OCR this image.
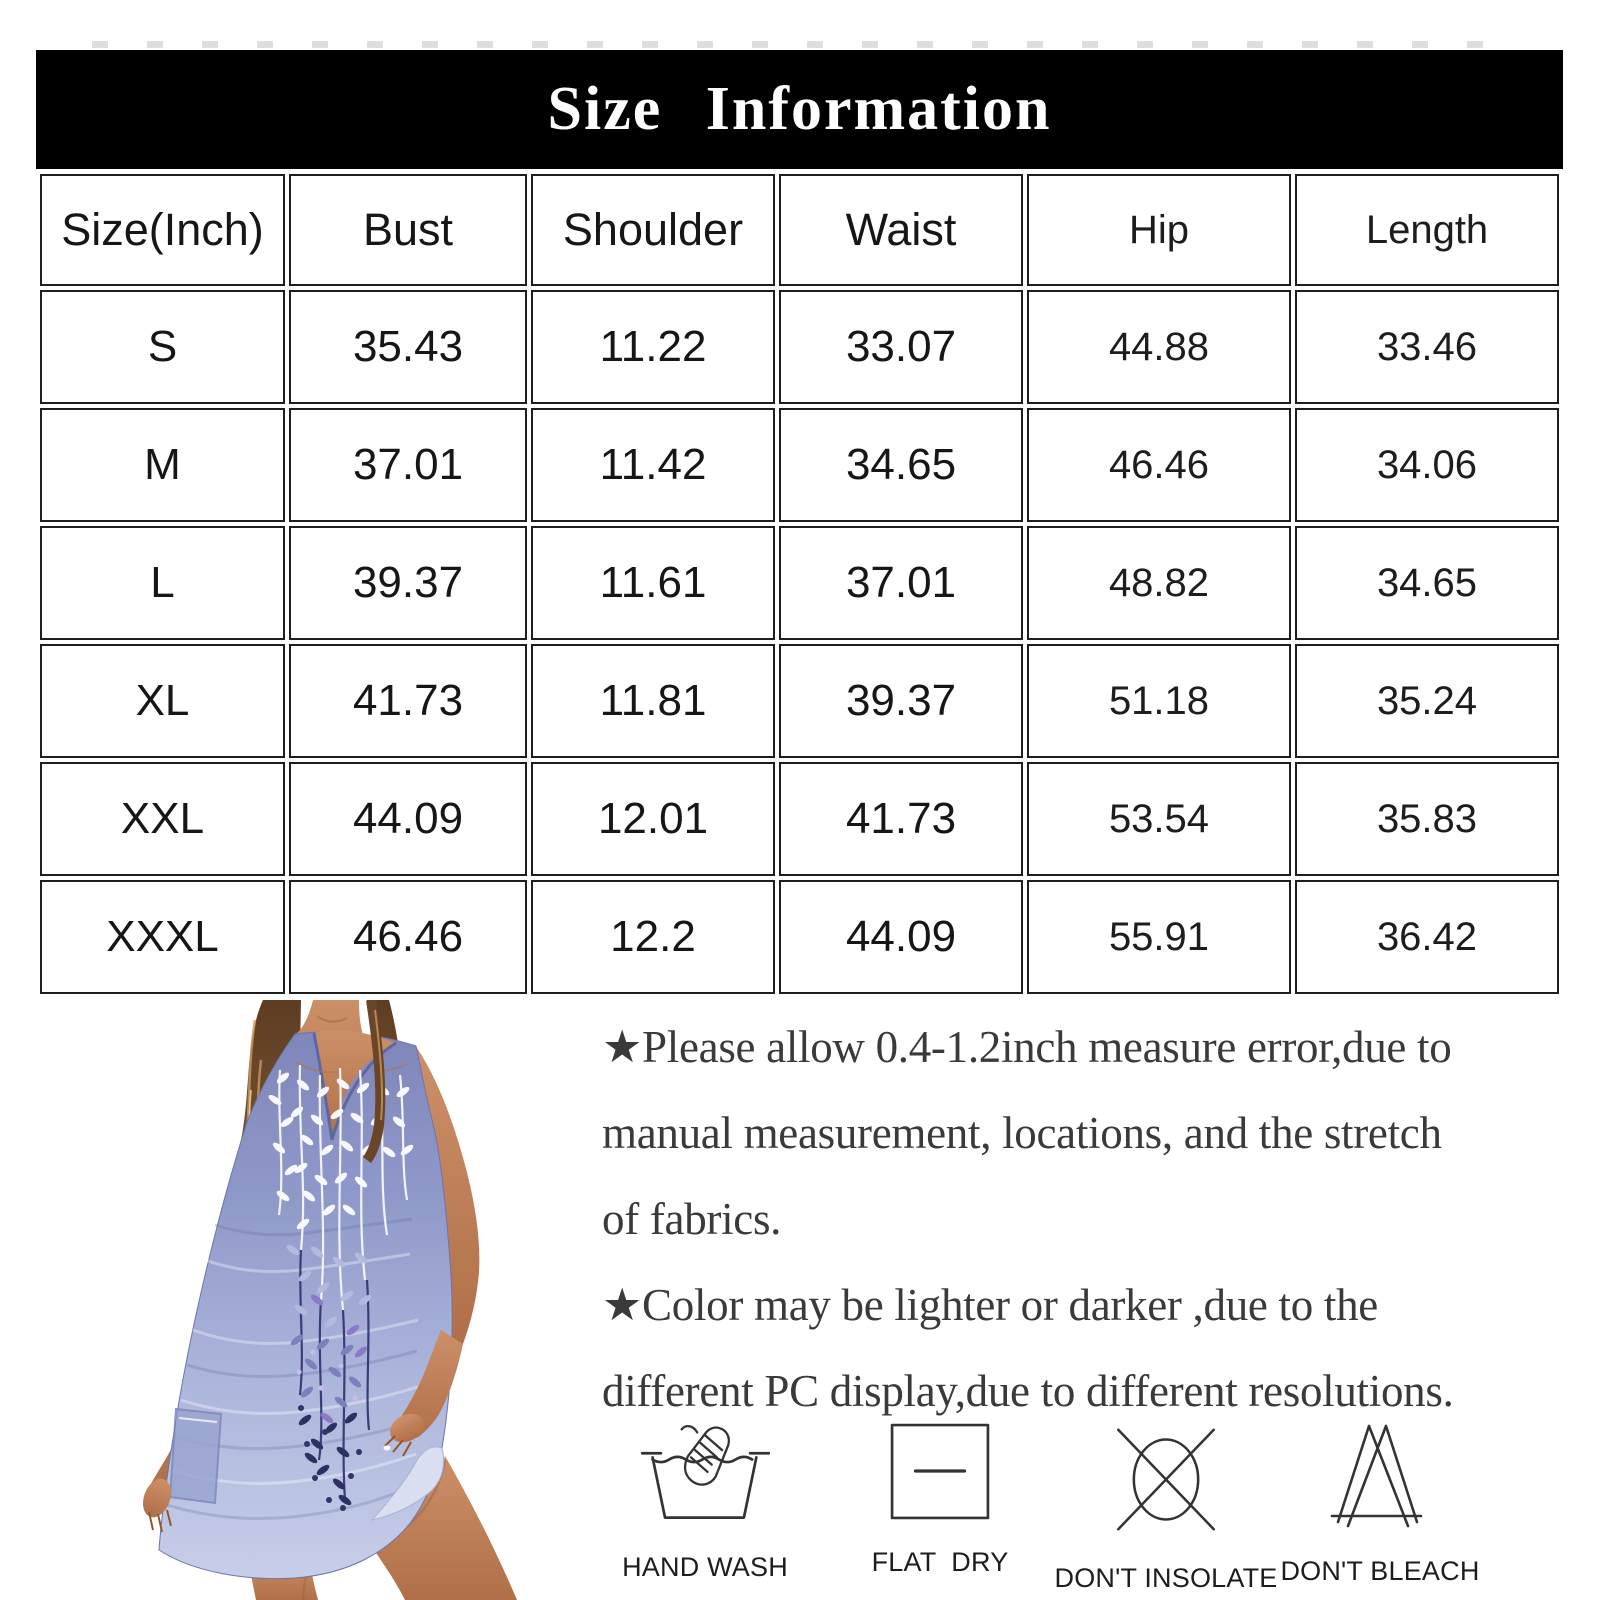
Size Information
Size(Inch)	Bust	Shoulder	Waist	Hip	Length
S	35.43	11.22	33.07	44.88	33.46
M	37.01	11.42	34.65	46.46	34.06
L	39.37	11.61	37.01	48.82	34.65
XL	41.73	11.81	39.37	51.18	35.24
XXL	44.09	12.01	41.73	53.54	35.83
XXXL	46.46	12.2	44.09	55.91	36.42
★Please allow 0.4-1.2inch measure error,due to
manual measurement, locations, and the stretch
of fabrics.
★Color may be lighter or darker ,due to the
different PC display,due to different resolutions.
HAND WASH	FLAT  DRY
DON'T INSOLATE DON'T BLEACH
